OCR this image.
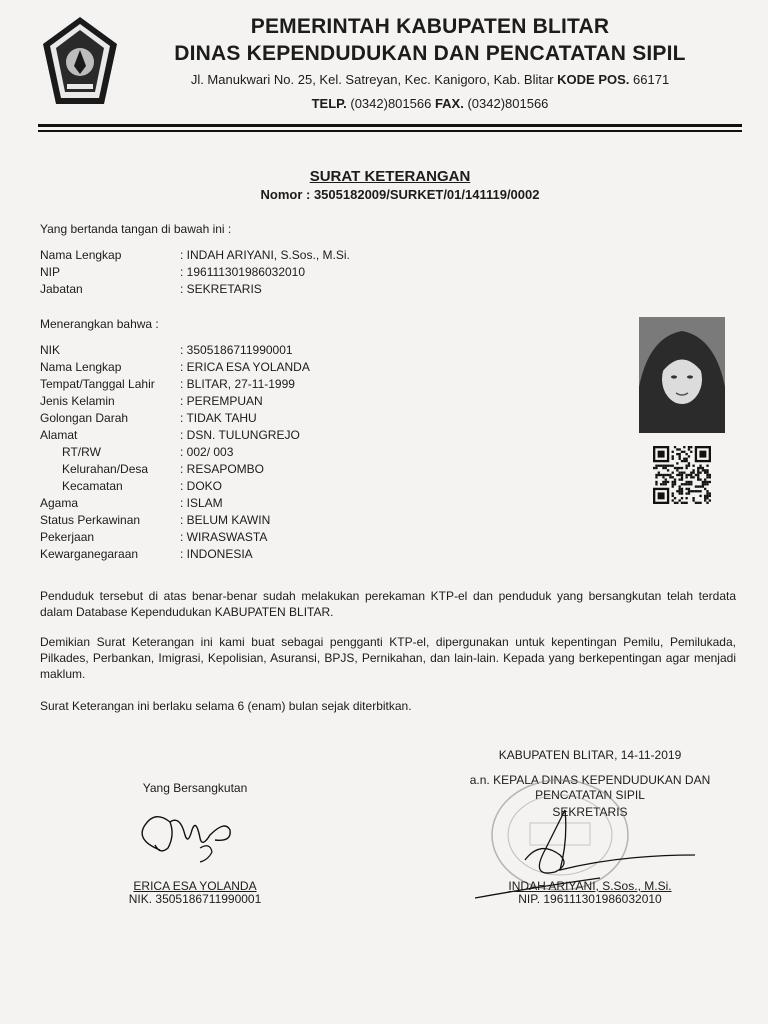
PEMERINTAH KABUPATEN BLITAR
DINAS KEPENDUDUKAN DAN PENCATATAN SIPIL
Jl. Manukwari No. 25, Kel. Satreyan, Kec. Kanigoro, Kab. Blitar KODE POS. 66171
TELP. (0342)801566 FAX. (0342)801566
SURAT KETERANGAN
Nomor : 3505182009/SURKET/01/141119/0002
Yang bertanda tangan di bawah ini :
Nama Lengkap	: INDAH ARIYANI, S.Sos., M.Si.
NIP	: 196111301986032010
Jabatan	: SEKRETARIS
Menerangkan bahwa :
NIK	: 3505186711990001
Nama Lengkap	: ERICA ESA YOLANDA
Tempat/Tanggal Lahir	: BLITAR, 27-11-1999
Jenis Kelamin	: PEREMPUAN
Golongan Darah	: TIDAK TAHU
Alamat	: DSN. TULUNGREJO
RT/RW	: 002/ 003
Kelurahan/Desa	: RESAPOMBO
Kecamatan	: DOKO
Agama	: ISLAM
Status Perkawinan	: BELUM KAWIN
Pekerjaan	: WIRASWASTA
Kewarganegaraan	: INDONESIA
Penduduk tersebut di atas benar-benar sudah melakukan perekaman KTP-el dan penduduk yang bersangkutan telah terdata dalam Database Kependudukan KABUPATEN BLITAR.
Demikian Surat Keterangan ini kami buat sebagai pengganti KTP-el, dipergunakan untuk kepentingan Pemilu, Pemilukada, Pilkades, Perbankan, Imigrasi, Kepolisian, Asuransi, BPJS, Pernikahan, dan lain-lain. Kepada yang berkepentingan agar menjadi maklum.
Surat Keterangan ini berlaku selama 6 (enam) bulan sejak diterbitkan.
Yang Bersangkutan
ERICA ESA YOLANDA
NIK. 3505186711990001
KABUPATEN BLITAR, 14-11-2019
a.n. KEPALA DINAS KEPENDUDUKAN DAN
PENCATATAN SIPIL
SEKRETARIS
INDAH ARIYANI, S.Sos., M.Si.
NIP. 196111301986032010
